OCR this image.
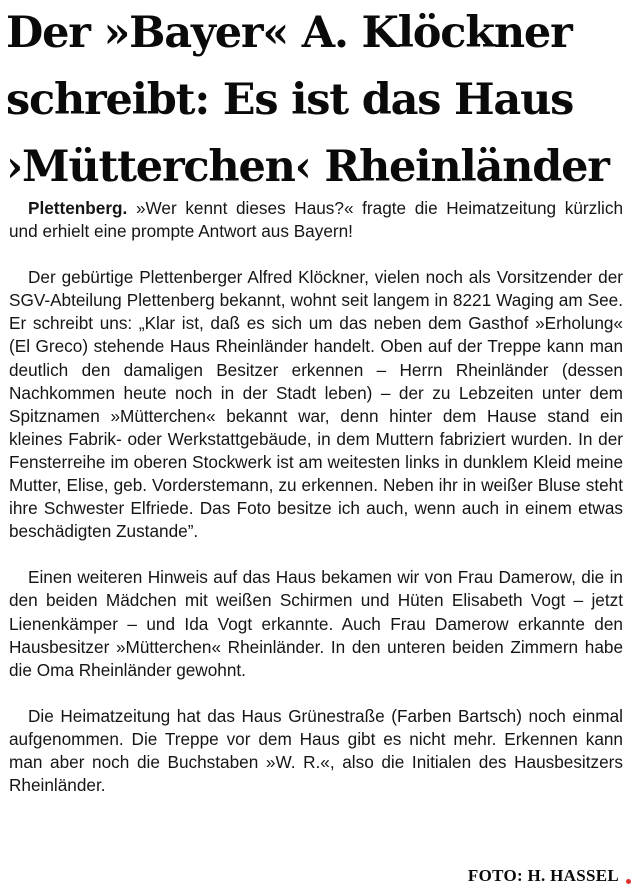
Der »Bayer« A. Klöckner
schreibt: Es ist das Haus
›Mütterchen‹ Rheinländer

Plettenberg. »Wer kennt dieses Haus?« fragte die Heimatzeitung kürzlich und erhielt eine prompte Antwort aus Bayern!

Der gebürtige Plettenberger Alfred Klöckner, vielen noch als Vorsitzender der SGV-Abteilung Plettenberg bekannt, wohnt seit langem in 8221 Waging am See. Er schreibt uns: „Klar ist, daß es sich um das neben dem Gasthof »Erholung« (El Greco) stehende Haus Rheinländer handelt. Oben auf der Treppe kann man deutlich den damaligen Besitzer erkennen – Herrn Rheinländer (dessen Nachkommen heute noch in der Stadt leben) – der zu Lebzeiten unter dem Spitznamen »Mütterchen« bekannt war, denn hinter dem Hause stand ein kleines Fabrik- oder Werkstattgebäude, in dem Muttern fabriziert wurden. In der Fensterreihe im oberen Stockwerk ist am weitesten links in dunklem Kleid meine Mutter, Elise, geb. Vorderstemann, zu erkennen. Neben ihr in weißer Bluse steht ihre Schwester Elfriede. Das Foto besitze ich auch, wenn auch in einem etwas beschädigten Zustande”.

Einen weiteren Hinweis auf das Haus bekamen wir von Frau Damerow, die in den beiden Mädchen mit weißen Schirmen und Hüten Elisabeth Vogt – jetzt Lienenkämper – und Ida Vogt erkannte. Auch Frau Damerow erkannte den Hausbesitzer »Mütterchen« Rheinländer. In den unteren beiden Zimmern habe die Oma Rheinländer gewohnt.

Die Heimatzeitung hat das Haus Grünestraße (Farben Bartsch) noch einmal aufgenommen. Die Treppe vor dem Haus gibt es nicht mehr. Erkennen kann man aber noch die Buchstaben »W. R.«, also die Initialen des Hausbesitzers Rheinländer.

FOTO: H. HASSEL
